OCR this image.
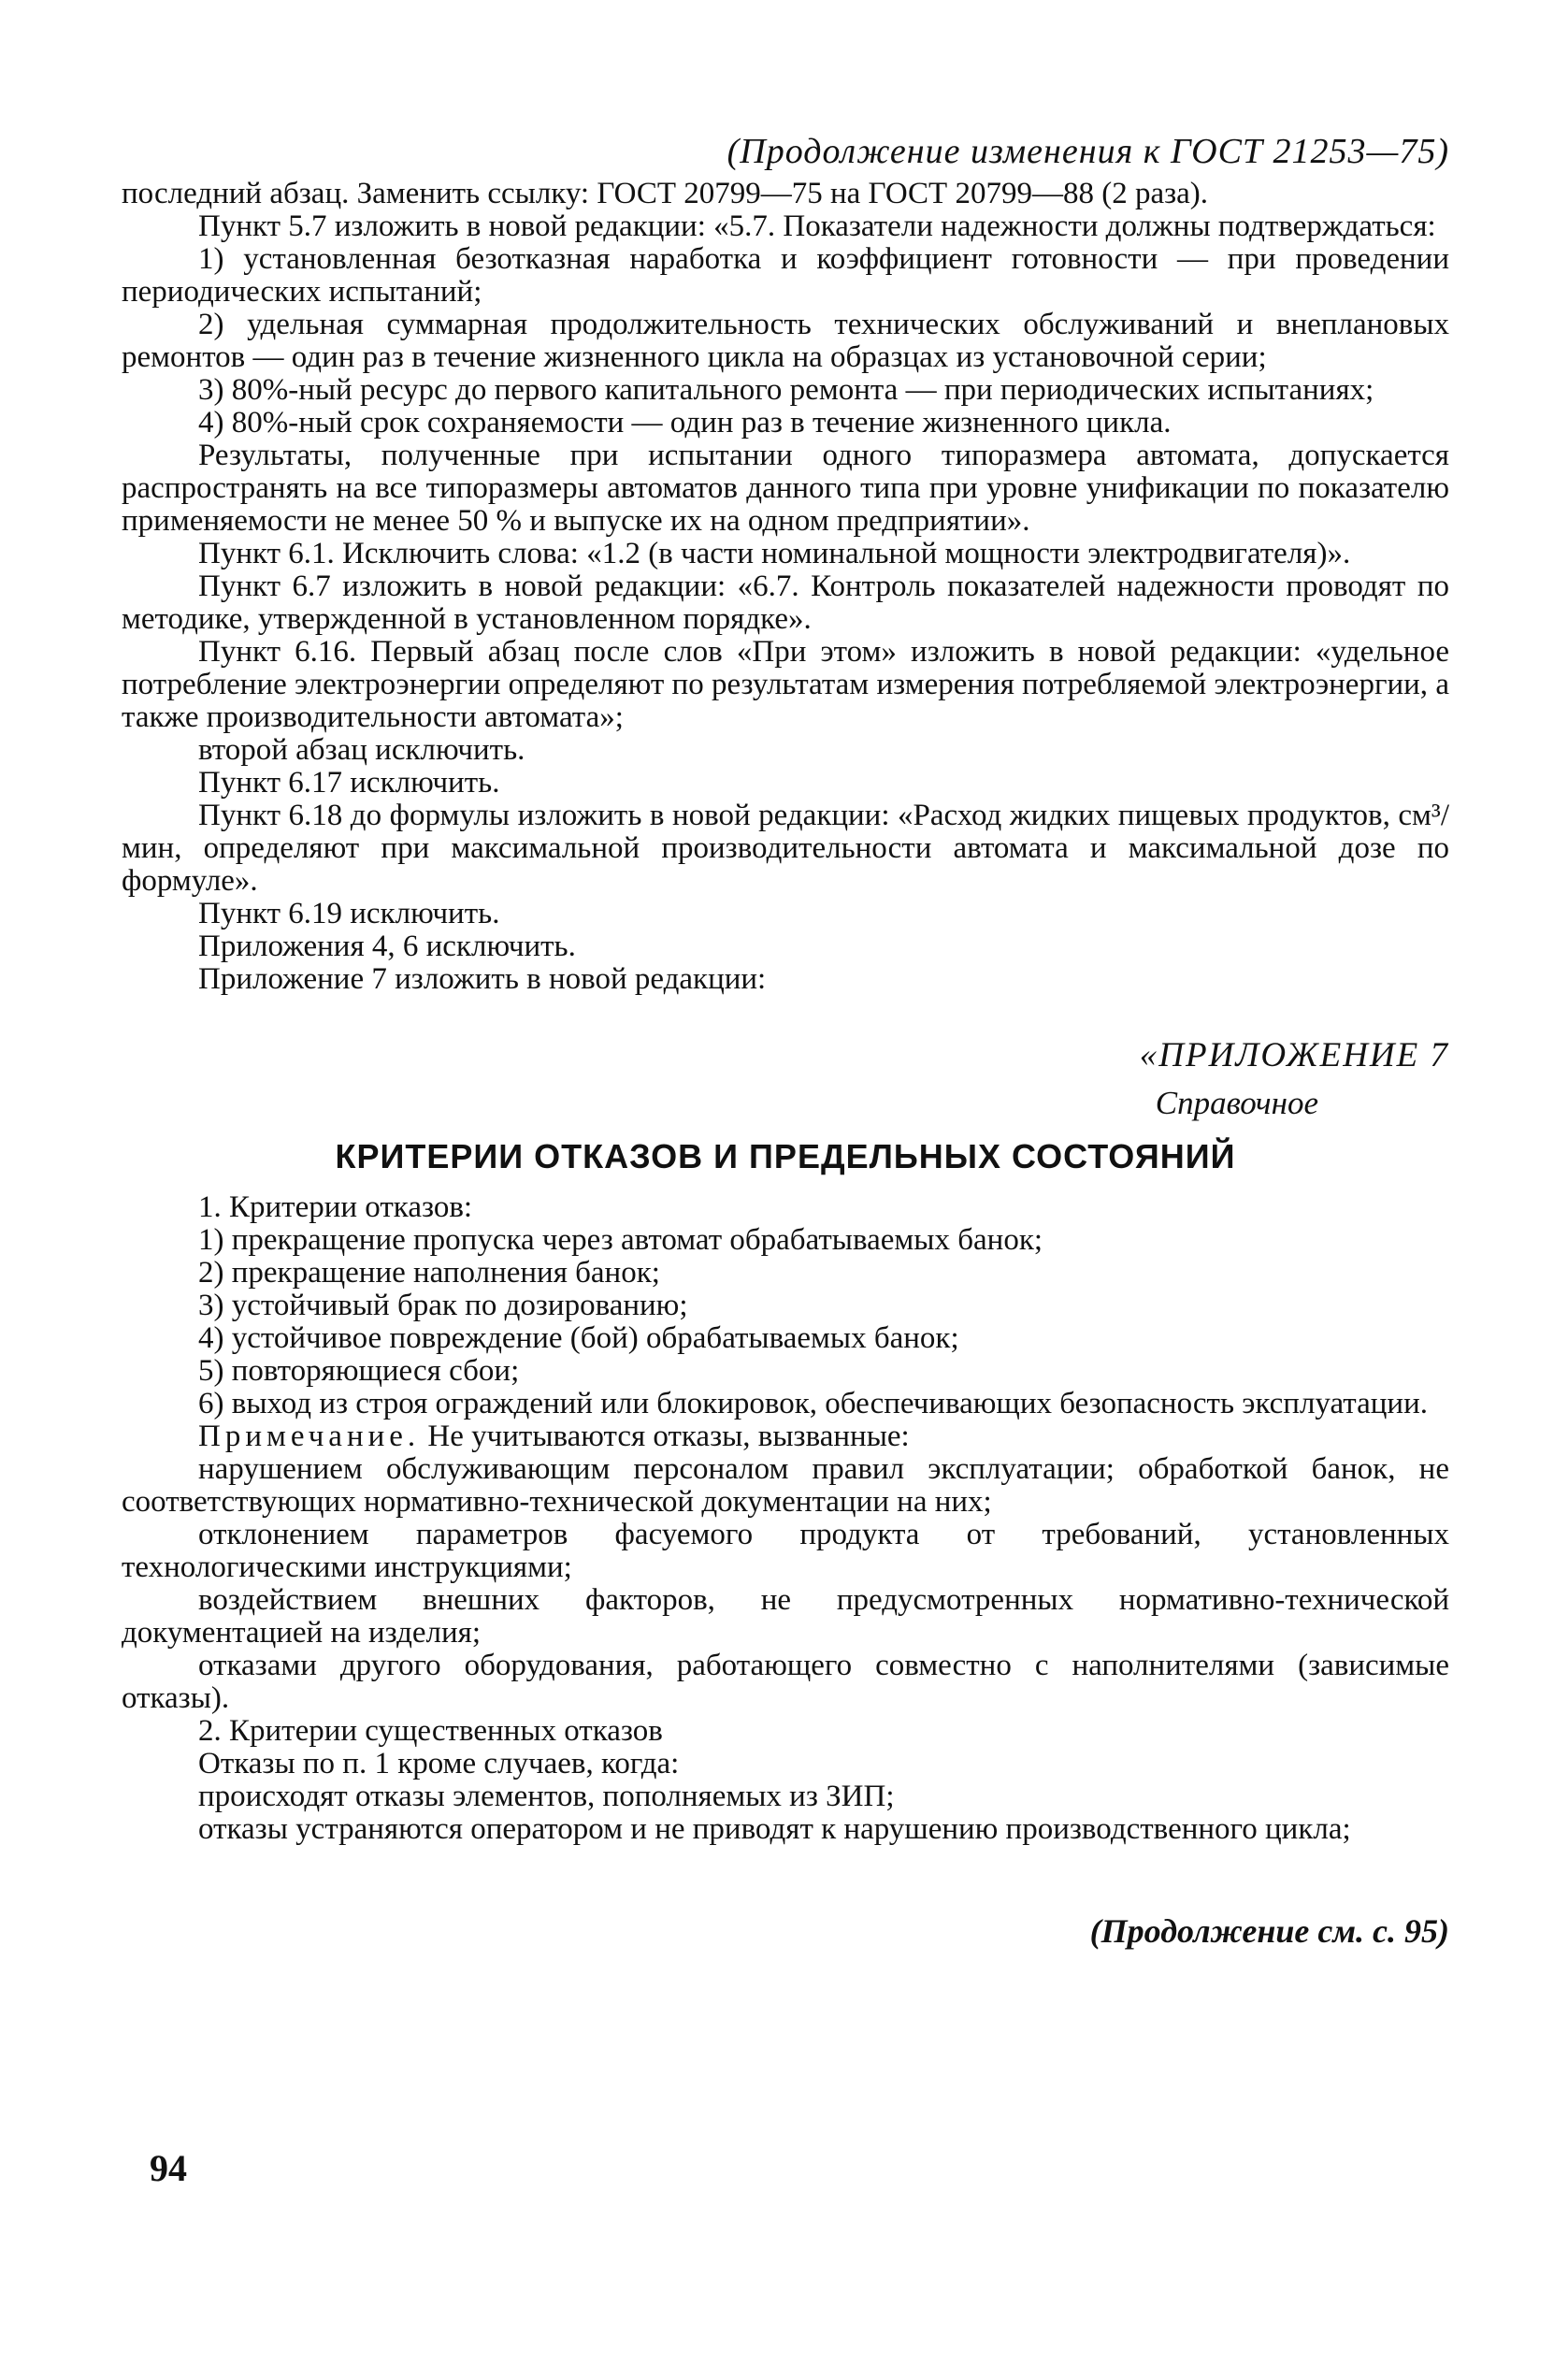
(Продолжение изменения к ГОСТ 21253—75)

последний абзац. Заменить ссылку: ГОСТ 20799—75 на ГОСТ 20799—88 (2 раза).

Пункт 5.7 изложить в новой редакции: «5.7. Показатели надежности должны подтверждаться:

1) установленная безотказная наработка и коэффициент готовности — при проведении периодических испытаний;

2) удельная суммарная продолжительность технических обслуживаний и внеплановых ремонтов — один раз в течение жизненного цикла на образцах из установочной серии;

3) 80%-ный ресурс до первого капитального ремонта — при периодических испытаниях;

4) 80%-ный срок сохраняемости — один раз в течение жизненного цикла.

Результаты, полученные при испытании одного типоразмера автомата, допускается распространять на все типоразмеры автоматов данного типа при уровне унификации по показателю применяемости не менее 50 % и выпуске их на одном предприятии».

Пункт 6.1. Исключить слова: «1.2 (в части номинальной мощности электродвигателя)».

Пункт 6.7 изложить в новой редакции: «6.7. Контроль показателей надежности проводят по методике, утвержденной в установленном порядке».

Пункт 6.16. Первый абзац после слов «При этом» изложить в новой редакции: «удельное потребление электроэнергии определяют по результатам измерения потребляемой электроэнергии, а также производительности автомата»;

второй абзац исключить.

Пункт 6.17 исключить.

Пункт 6.18 до формулы изложить в новой редакции: «Расход жидких пищевых продуктов, см³/мин, определяют при максимальной производительности автомата и максимальной дозе по формуле».

Пункт 6.19 исключить.

Приложения 4, 6 исключить.

Приложение 7 изложить в новой редакции:

«ПРИЛОЖЕНИЕ 7
Справочное
КРИТЕРИИ ОТКАЗОВ И ПРЕДЕЛЬНЫХ СОСТОЯНИЙ

1. Критерии отказов:

1) прекращение пропуска через автомат обрабатываемых банок;

2) прекращение наполнения банок;

3) устойчивый брак по дозированию;

4) устойчивое повреждение (бой) обрабатываемых банок;

5) повторяющиеся сбои;

6) выход из строя ограждений или блокировок, обеспечивающих безопасность эксплуатации.

Примечание. Не учитываются отказы, вызванные:

нарушением обслуживающим персоналом правил эксплуатации; обработкой банок, не соответствующих нормативно-технической документации на них;

отклонением параметров фасуемого продукта от требований, установленных технологическими инструкциями;

воздействием внешних факторов, не предусмотренных нормативно-технической документацией на изделия;

отказами другого оборудования, работающего совместно с наполнителями (зависимые отказы).

2. Критерии существенных отказов

Отказы по п. 1 кроме случаев, когда:

происходят отказы элементов, пополняемых из ЗИП;

отказы устраняются оператором и не приводят к нарушению производственного цикла;

(Продолжение см. с. 95)
94
